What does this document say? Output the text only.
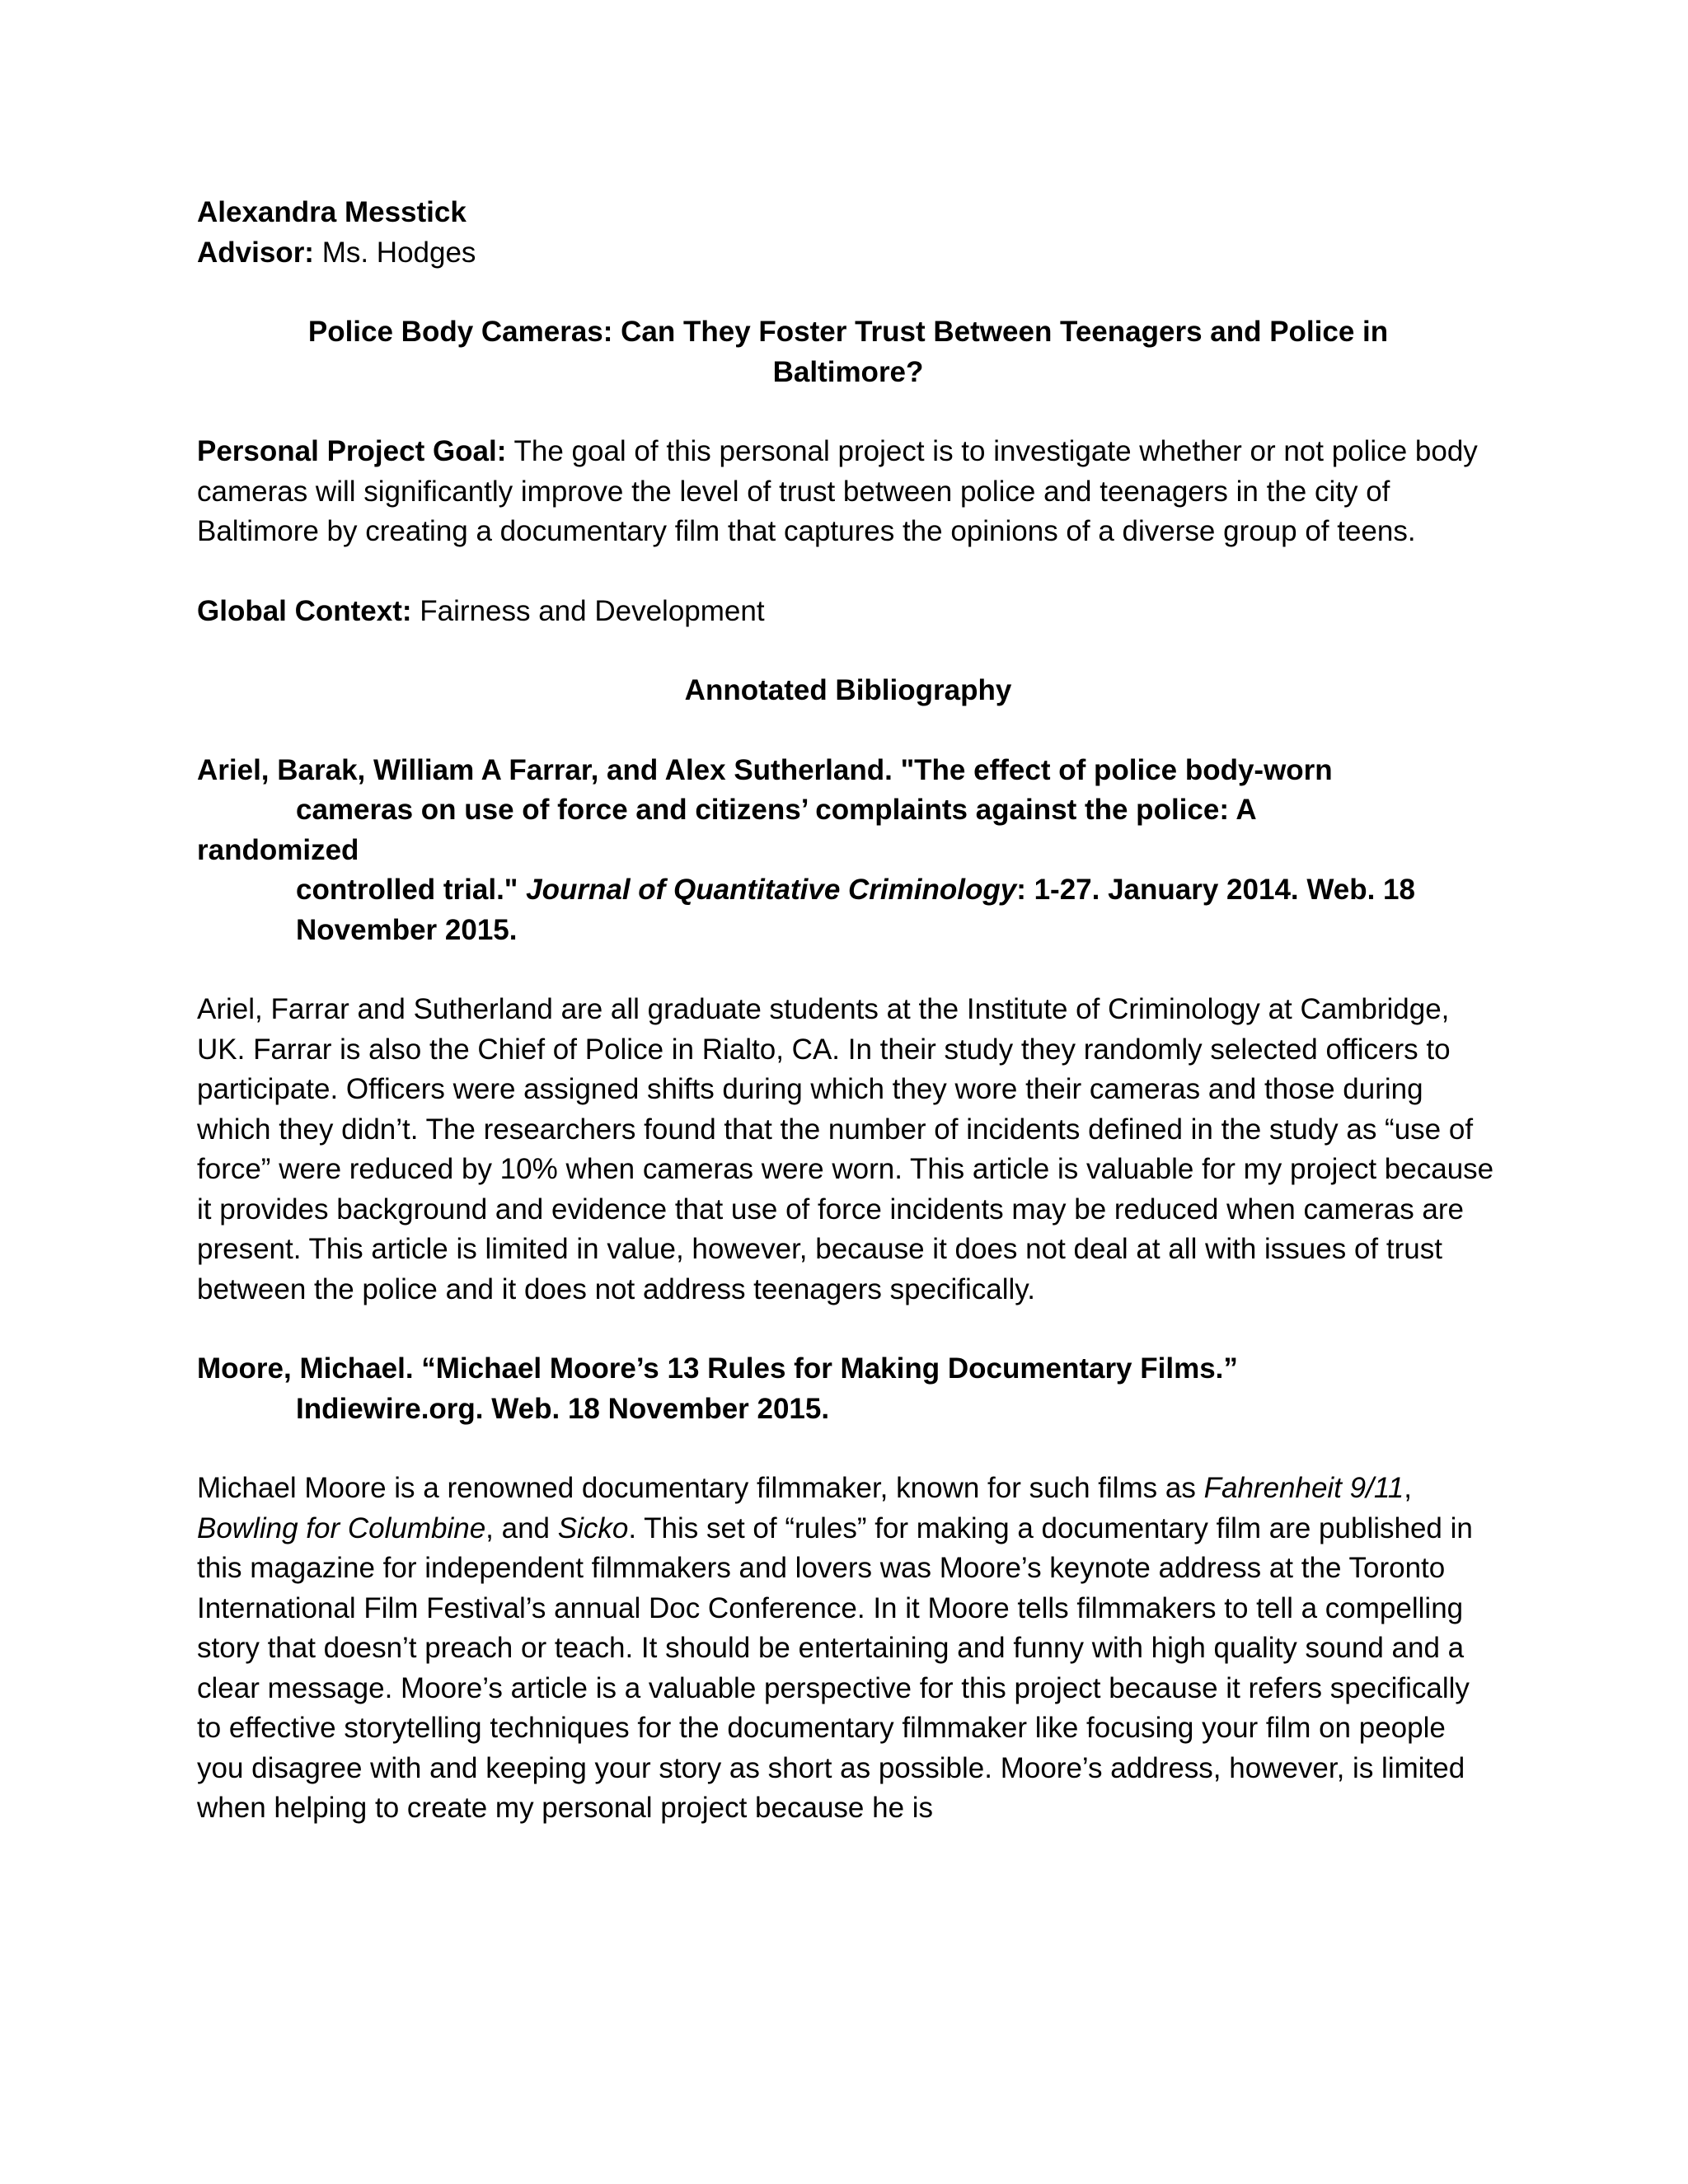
Alexandra Messtick

Advisor: Ms. Hodges

Police Body Cameras: Can They Foster Trust Between Teenagers and Police in

Baltimore?

Personal Project Goal: The goal of this personal project is to investigate whether or not police body cameras will significantly improve the level of trust between police and teenagers in the city of Baltimore by creating a documentary film that captures the opinions of a diverse group of teens.

Global Context: Fairness and Development

Annotated Bibliography

Ariel, Barak, William A Farrar, and Alex Sutherland. "The effect of police body-worn
cameras on use of force and citizens’ complaints against the police: A
randomized
controlled trial." Journal of Quantitative Criminology: 1-27. January 2014. Web. 18
November 2015.

Ariel, Farrar and Sutherland are all graduate students at the Institute of Criminology at Cambridge, UK. Farrar is also the Chief of Police in Rialto, CA. In their study they randomly selected officers to participate. Officers were assigned shifts during which they wore their cameras and those during which they didn’t. The researchers found that the number of incidents defined in the study as “use of force” were reduced by 10% when cameras were worn. This article is valuable for my project because it provides background and evidence that use of force incidents may be reduced when cameras are present. This article is limited in value, however, because it does not deal at all with issues of trust between the police and it does not address teenagers specifically.

Moore, Michael. “Michael Moore’s 13 Rules for Making Documentary Films.”
Indiewire.org. Web. 18 November 2015.

Michael Moore is a renowned documentary filmmaker, known for such films as Fahrenheit 9/11, Bowling for Columbine, and Sicko. This set of “rules” for making a documentary film are published in this magazine for independent filmmakers and lovers was Moore’s keynote address at the Toronto International Film Festival’s annual Doc Conference. In it Moore tells filmmakers to tell a compelling story that doesn’t preach or teach. It should be entertaining and funny with high quality sound and a clear message. Moore’s article is a valuable perspective for this project because it refers specifically to effective storytelling techniques for the documentary filmmaker like focusing your film on people you disagree with and keeping your story as short as possible. Moore’s address, however, is limited when helping to create my personal project because he is
